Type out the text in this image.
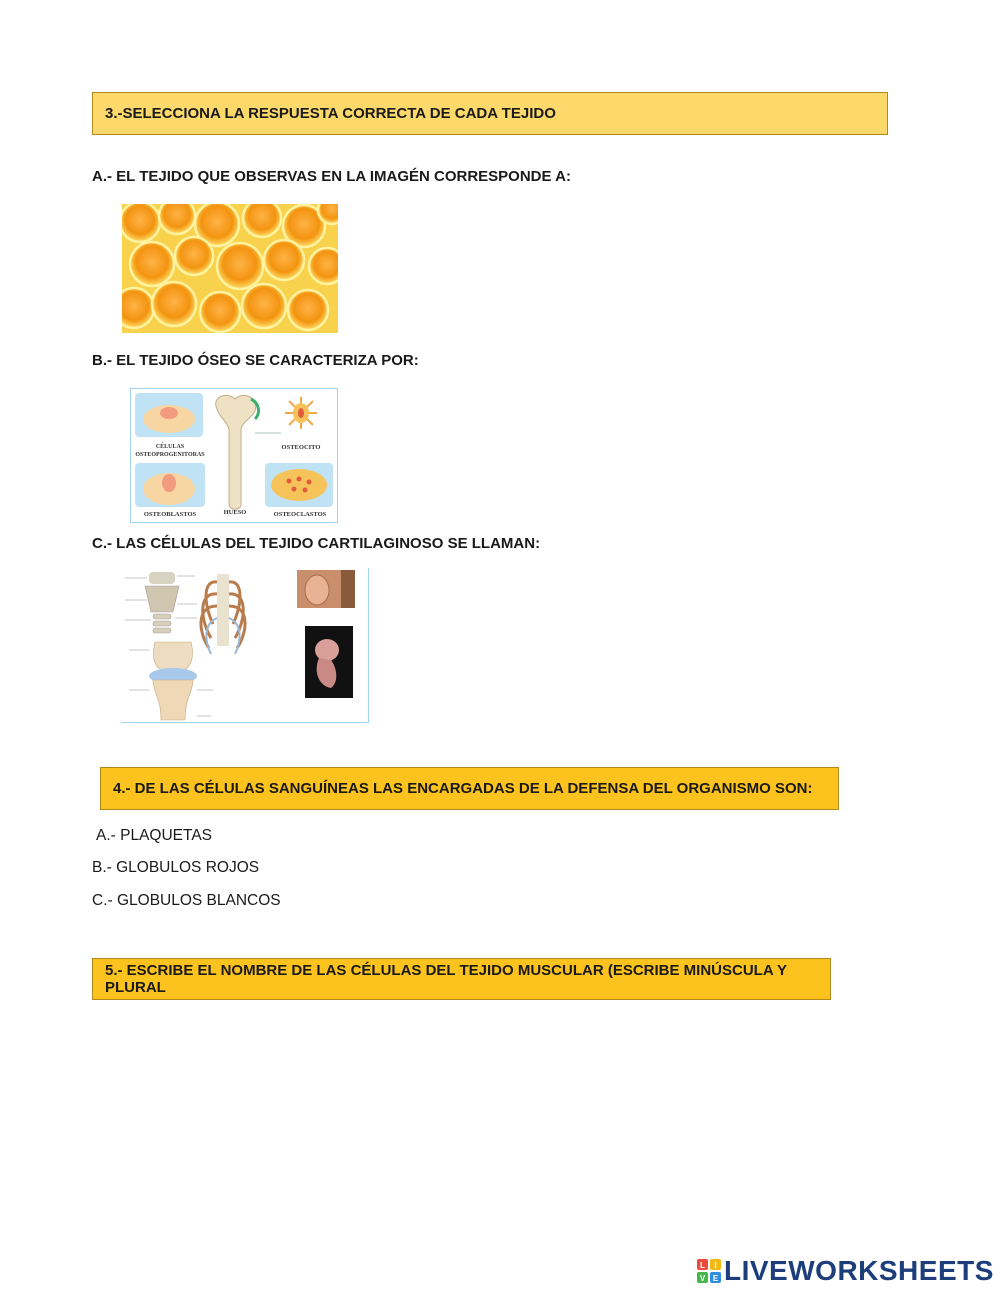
3.-SELECCIONA LA RESPUESTA CORRECTA DE CADA TEJIDO
A.- EL TEJIDO QUE OBSERVAS EN LA IMAGÉN CORRESPONDE A:
B.- EL TEJIDO ÓSEO SE CARACTERIZA POR:
CÉLULAS
OSTEOPROGENITORAS
OSTEOCITO
OSTEOBLASTOS	HUESO	OSTEOCLASTOS
C.- LAS CÉLULAS DEL TEJIDO CARTILAGINOSO SE LLAMAN:
4.- DE LAS CÉLULAS SANGUÍNEAS LAS ENCARGADAS DE LA DEFENSA DEL ORGANISMO SON:
A.- PLAQUETAS
B.- GLOBULOS ROJOS
C.- GLOBULOS BLANCOS
5.- ESCRIBE EL NOMBRE DE LAS CÉLULAS DEL TEJIDO MUSCULAR (ESCRIBE MINÚSCULA Y PLURAL
L I
V E LIVEWORKSHEETS
